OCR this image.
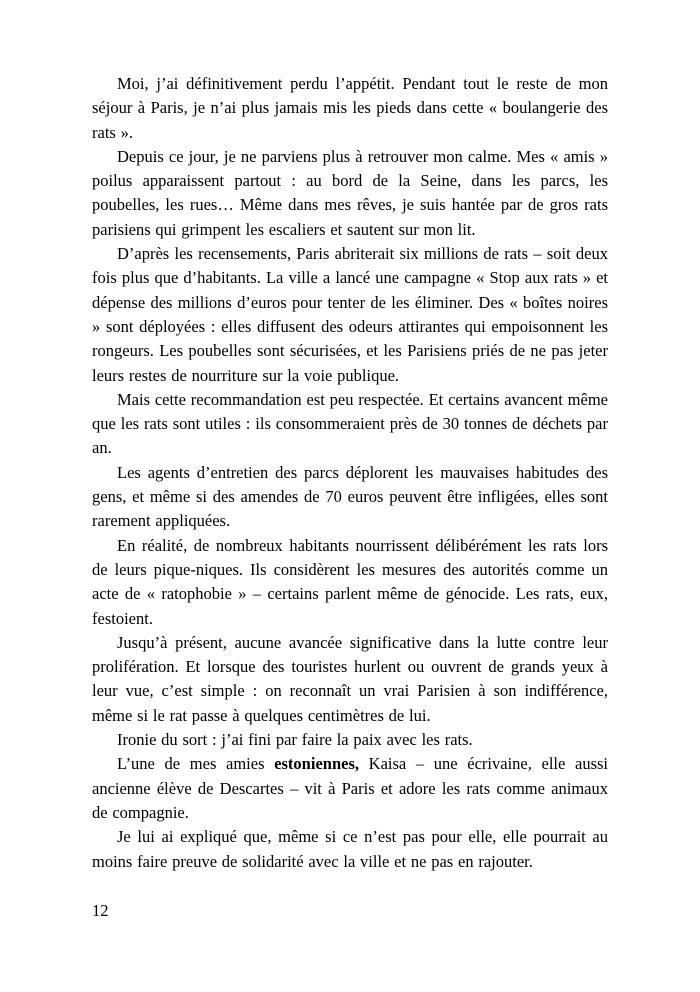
Moi, j’ai définitivement perdu l’appétit. Pendant tout le reste de mon séjour à Paris, je n’ai plus jamais mis les pieds dans cette « boulangerie des rats ».

Depuis ce jour, je ne parviens plus à retrouver mon calme. Mes « amis » poilus apparaissent partout : au bord de la Seine, dans les parcs, les poubelles, les rues… Même dans mes rêves, je suis hantée par de gros rats parisiens qui grimpent les escaliers et sautent sur mon lit.

D’après les recensements, Paris abriterait six millions de rats – soit deux fois plus que d’habitants. La ville a lancé une campagne « Stop aux rats » et dépense des millions d’euros pour tenter de les éliminer. Des « boîtes noires » sont déployées : elles diffusent des odeurs attirantes qui empoisonnent les rongeurs. Les poubelles sont sécurisées, et les Parisiens priés de ne pas jeter leurs restes de nourriture sur la voie publique.

Mais cette recommandation est peu respectée. Et certains avancent même que les rats sont utiles : ils consommeraient près de 30 tonnes de déchets par an.

Les agents d’entretien des parcs déplorent les mauvaises habitudes des gens, et même si des amendes de 70 euros peuvent être infligées, elles sont rarement appliquées.

En réalité, de nombreux habitants nourrissent délibérément les rats lors de leurs pique-niques. Ils considèrent les mesures des autorités comme un acte de « ratophobie » – certains parlent même de génocide. Les rats, eux, festoient.

Jusqu’à présent, aucune avancée significative dans la lutte contre leur prolifération. Et lorsque des touristes hurlent ou ouvrent de grands yeux à leur vue, c’est simple : on reconnaît un vrai Parisien à son indifférence, même si le rat passe à quelques centimètres de lui.

Ironie du sort : j’ai fini par faire la paix avec les rats.

L’une de mes amies estoniennes, Kaisa – une écrivaine, elle aussi ancienne élève de Descartes – vit à Paris et adore les rats comme animaux de compagnie.

Je lui ai expliqué que, même si ce n’est pas pour elle, elle pourrait au moins faire preuve de solidarité avec la ville et ne pas en rajouter.

12
